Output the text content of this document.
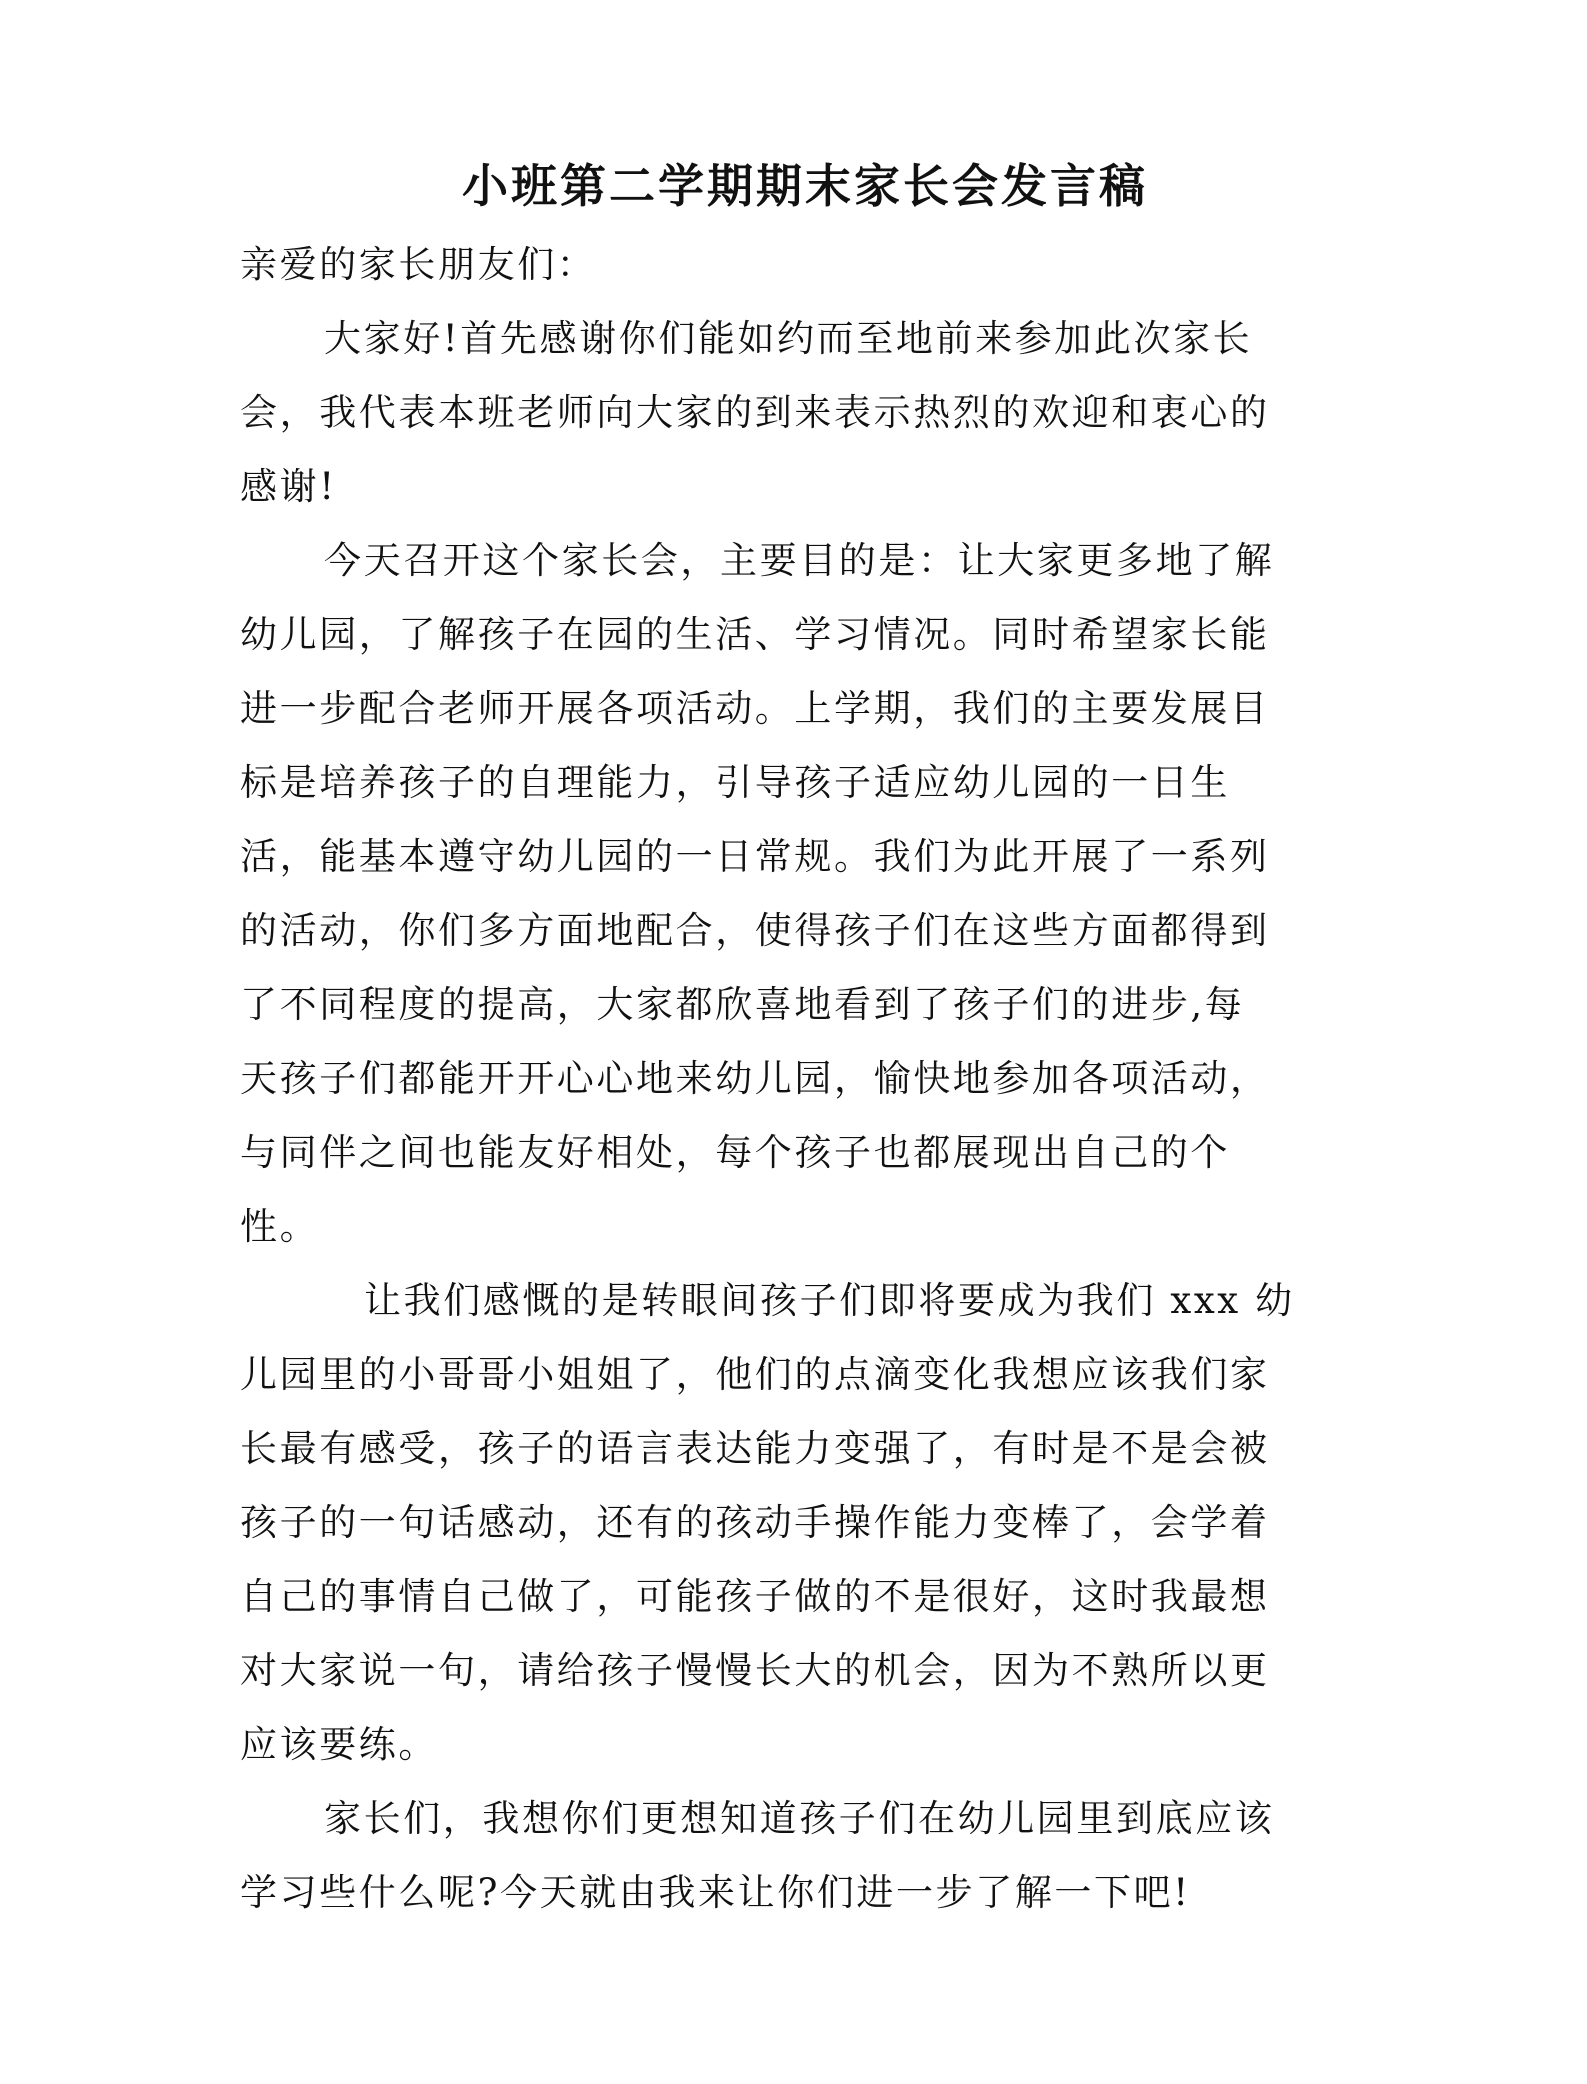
小班第二学期期末家长会发言稿

亲爱的家长朋友们：

大家好!首先感谢你们能如约而至地前来参加此次家长
会，我代表本班老师向大家的到来表示热烈的欢迎和衷心的
感谢!
今天召开这个家长会，主要目的是：让大家更多地了解
幼儿园，了解孩子在园的生活、学习情况。同时希望家长能
进一步配合老师开展各项活动。上学期，我们的主要发展目
标是培养孩子的自理能力，引导孩子适应幼儿园的一日生
活，能基本遵守幼儿园的一日常规。我们为此开展了一系列
的活动，你们多方面地配合，使得孩子们在这些方面都得到
了不同程度的提高，大家都欣喜地看到了孩子们的进步,每
天孩子们都能开开心心地来幼儿园，愉快地参加各项活动，
与同伴之间也能友好相处，每个孩子也都展现出自己的个
性。
让我们感慨的是转眼间孩子们即将要成为我们 xxx 幼
儿园里的小哥哥小姐姐了，他们的点滴变化我想应该我们家
长最有感受，孩子的语言表达能力变强了，有时是不是会被
孩子的一句话感动，还有的孩动手操作能力变棒了，会学着
自己的事情自己做了，可能孩子做的不是很好，这时我最想
对大家说一句，请给孩子慢慢长大的机会，因为不熟所以更
应该要练。
家长们，我想你们更想知道孩子们在幼儿园里到底应该
学习些什么呢?今天就由我来让你们进一步了解一下吧!
